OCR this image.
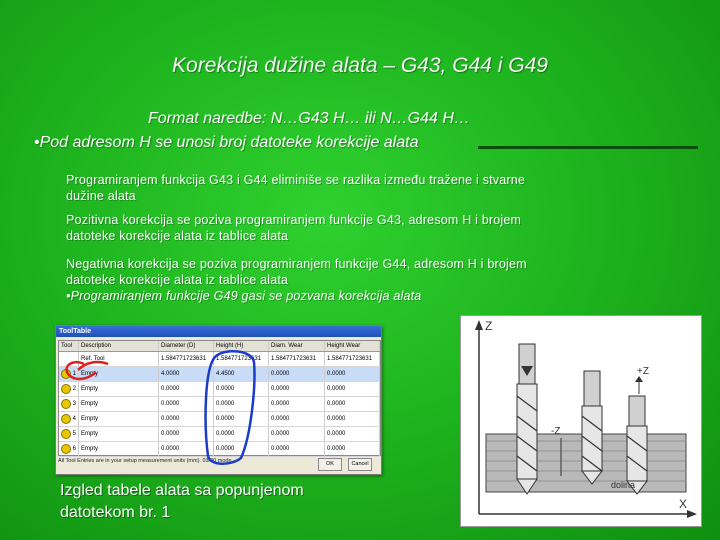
Korekcija dužine alata – G43, G44 i G49
Format naredbe: N…G43 H… ili N…G44 H…
•Pod adresom H se unosi broj datoteke korekcije alata
Programiranjem funkcija G43 i G44 eliminiše se razlika između tražene i stvarne dužine alata
Pozitivna korekcija se poziva programiranjem funkcije G43, adresom H i brojem datoteke korekcije alata iz tablice alata
Negativna korekcija se poziva programiranjem funkcije G44, adresom H i brojem datoteke korekcije alata iz tablice alata
•Programiranjem funkcije G49 gasi se pozvana korekcija alata
ToolTable
Tool	Description	Diameter (D)	Height (H)	Diam. Wear	Height Wear
Ref. Tool	1.584771723631	1.584771723631	1.584771723631	1.584771723631

1 Empty	4.0000	4.4500	0.0000	0.0000

2 Empty	0.0000	0.0000	0.0000	0.0000

3 Empty	0.0000	0.0000	0.0000	0.0000

4 Empty	0.0000	0.0000	0.0000	0.0000

5 Empty	0.0000	0.0000	0.0000	0.0000

6 Empty	0.0000	0.0000	0.0000	0.0000
All Tool Entries are in your setup measurement units (mm). 03/30 mode.	OK	Cancel
Izgled tabele alata sa popunjenom datotekom br. 1
Z
X
-Z
+Z
dolina
